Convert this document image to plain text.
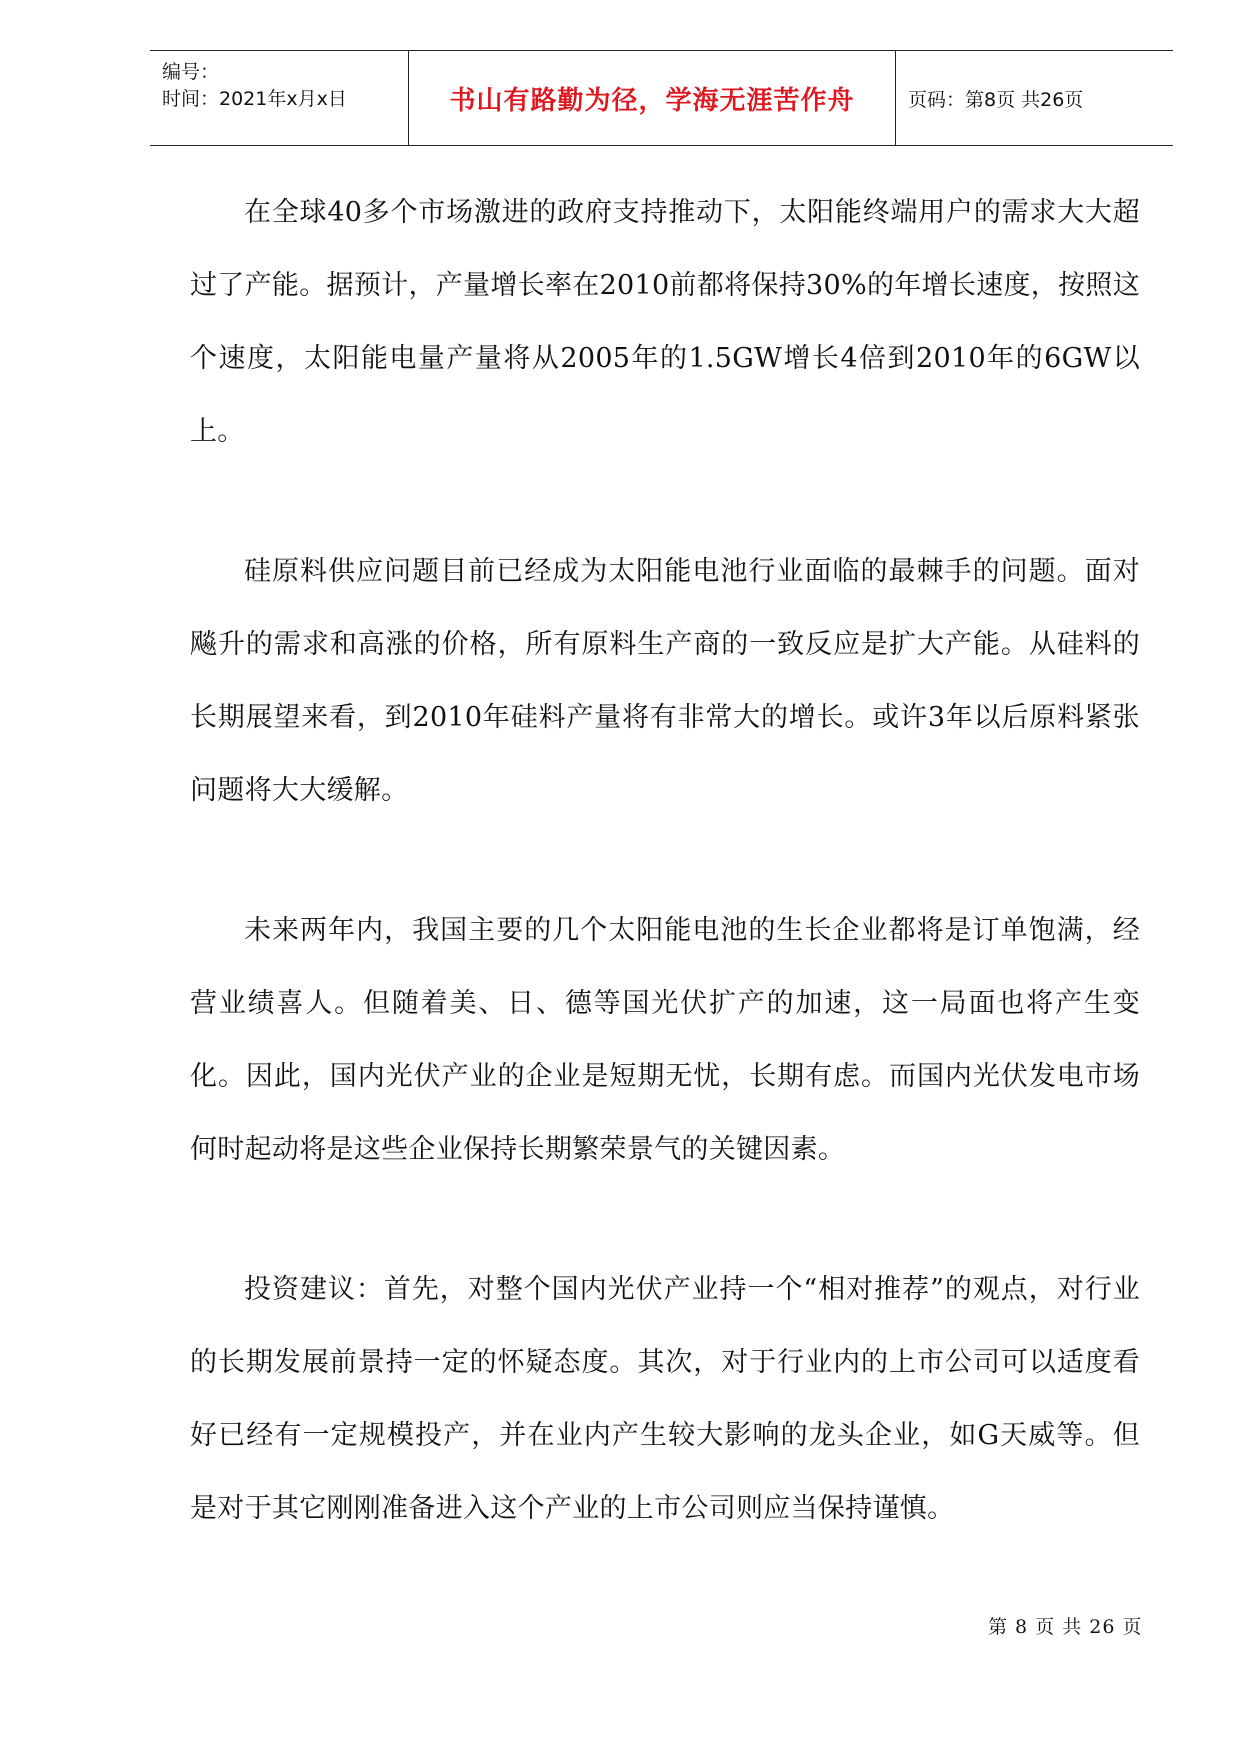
编号：
时间：2021年x月x日	书山有路勤为径，学海无涯苦作舟	页码：第8页 共26页

在全球40多个市场激进的政府支持推动下，太阳能终端用户的需求大大超过了产能。据预计，产量增长率在2010前都将保持30%的年增长速度，按照这个速度，太阳能电量产量将从2005年的1.5GW增长4倍到2010年的6GW以上。

硅原料供应问题目前已经成为太阳能电池行业面临的最棘手的问题。面对飚升的需求和高涨的价格，所有原料生产商的一致反应是扩大产能。从硅料的长期展望来看，到2010年硅料产量将有非常大的增长。或许3年以后原料紧张问题将大大缓解。

未来两年内，我国主要的几个太阳能电池的生长企业都将是订单饱满，经营业绩喜人。但随着美、日、德等国光伏扩产的加速，这一局面也将产生变化。因此，国内光伏产业的企业是短期无忧，长期有虑。而国内光伏发电市场何时起动将是这些企业保持长期繁荣景气的关键因素。

投资建议：首先，对整个国内光伏产业持一个“相对推荐”的观点，对行业的长期发展前景持一定的怀疑态度。其次，对于行业内的上市公司可以适度看好已经有一定规模投产，并在业内产生较大影响的龙头企业，如G天威等。但是对于其它刚刚准备进入这个产业的上市公司则应当保持谨慎。

第 8 页 共 26 页
